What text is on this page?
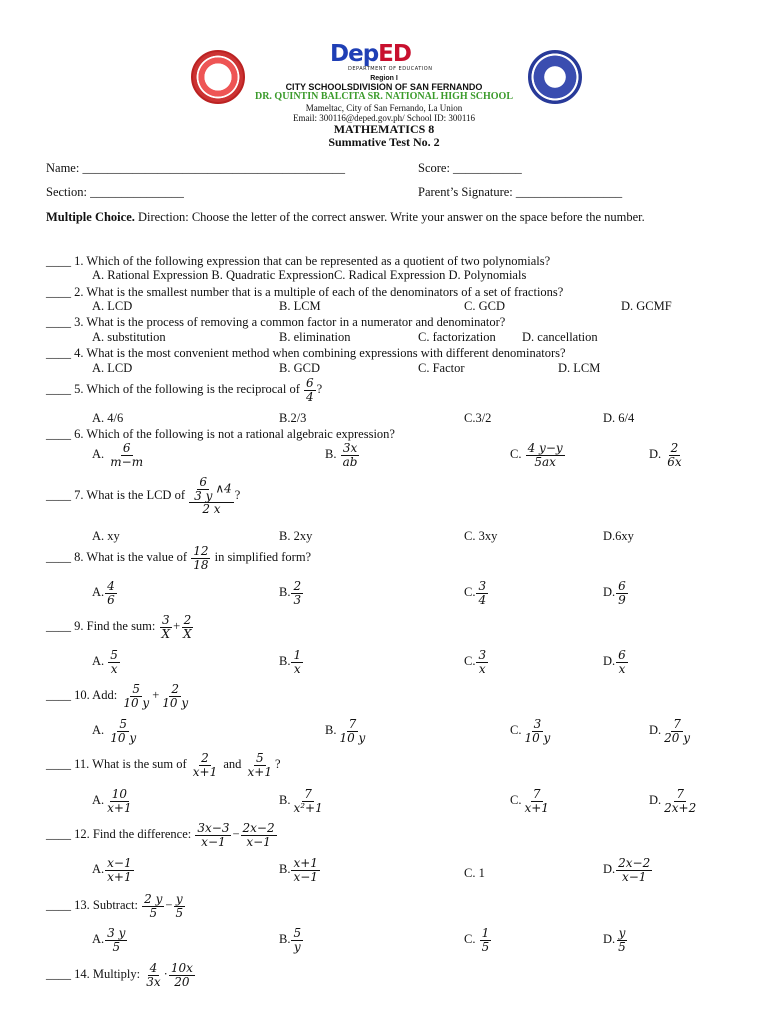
DepED
DEPARTMENT OF EDUCATION
Region I
CITY SCHOOLSDIVISION OF SAN FERNANDO
DR. QUINTIN BALCITA SR. NATIONAL HIGH SCHOOL
Mameltac, City of San Fernando, La Union
Email: 300116@deped.gov.ph/ School ID: 300116
MATHEMATICS 8
Summative Test No. 2
Name: __________________________________________	Score: ___________
Section: _______________	Parent’s Signature: _________________
Multiple Choice. Direction: Choose the letter of the correct answer. Write your answer on the space before the number.
____ 1. Which of the following expression that can be represented as a quotient of two polynomials?
A. Rational Expression B. Quadratic ExpressionC. Radical Expression D. Polynomials
____ 2. What is the smallest number that is a multiple of each of the denominators of a set of fractions?
A. LCD	B. LCM	C. GCD	D. GCMF
____ 3. What is the process of removing a common factor in a numerator and denominator?
A. substitution	B. elimination	C. factorization D. cancellation
____ 4. What is the most convenient method when combining expressions with different denominators?
A. LCD	B. GCD	C. Factor	D. LCM
____ 5. Which of the following is the reciprocal of $\frac{6}{4}$ ?
A. 4/6	B.2/3	C.3/2	D. 6/4
____ 6. Which of the following is not a rational algebraic expression?
A. $\frac{6}{m-m}$	B. $\frac{3x}{ab}$	C. $\frac{4 y-y}{5ax}$	D. $\frac{2}{6x}$
____ 7. What is the LCD of $\frac{\frac{6}{3 y} \wedge 4}{2 x}$ ?
A. xy	B. 2xy	C. 3xy	D.6xy
____ 8. What is the value of $\frac{12}{18}$ in simplified form?
A. $\frac{4}{6}$	B. $\frac{2}{3}$	C. $\frac{3}{4}$	D. $\frac{6}{9}$
____ 9. Find the sum: $\frac{3}{X} + \frac{2}{X}$
A. $\frac{5}{x}$	B. $\frac{1}{x}$	C. $\frac{3}{x}$	D. $\frac{6}{x}$
____ 10. Add: $\frac{5}{10 y} + \frac{2}{10 y}$
A. $\frac{5}{10 y}$	B. $\frac{7}{10 y}$	C. $\frac{3}{10 y}$	D. $\frac{7}{20 y}$
____ 11. What is the sum of $\frac{2}{x+1}$ and $\frac{5}{x+1}$ ?
A. $\frac{10}{x+1}$	B. $\frac{7}{\text{x²+1}}$	C. $\frac{7}{x+1}$	D. $\frac{7}{2x+2}$
____ 12. Find the difference: $\frac{3x-3}{x-1} - \frac{2x-2}{x-1}$
A. $\frac{x-1}{x+1}$	B. $\frac{x+1}{x-1}$	C. 1	D. $\frac{2x-2}{x-1}$
____ 13. Subtract: $\frac{2 y}{5} - \frac{y}{5}$
A. $\frac{3 y}{5}$	B. $\frac{5}{y}$	C. $\frac{1}{5}$	D. $\frac{y}{5}$
____ 14. Multiply: $\frac{4}{3x} \cdot \frac{10x}{20}$
